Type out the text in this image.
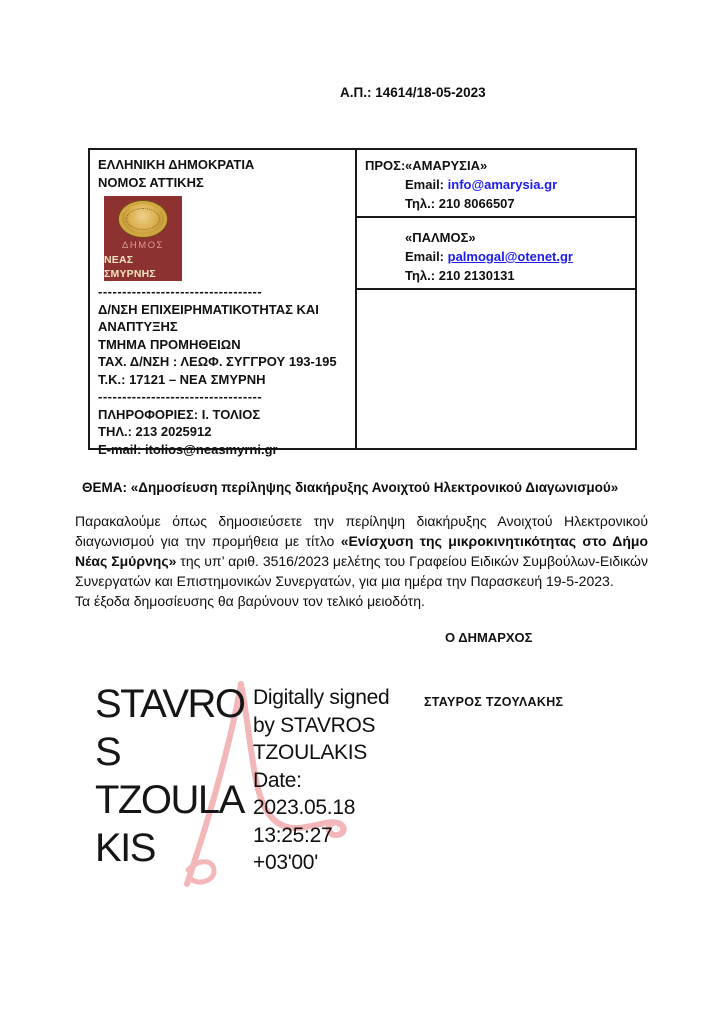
Α.Π.: 14614/18-05-2023
ΕΛΛΗΝΙΚΗ ΔΗΜΟΚΡΑΤΙΑ
ΝΟΜΟΣ ΑΤΤΙΚΗΣ
ΔΗΜΟΣ
ΝΕΑΣ ΣΜΥΡΝΗΣ
----------------------------------
Δ/ΝΣΗ ΕΠΙΧΕΙΡΗΜΑΤΙΚΟΤΗΤΑΣ ΚΑΙ ΑΝΑΠΤΥΞΗΣ
ΤΜΗΜΑ ΠΡΟΜΗΘΕΙΩΝ
ΤΑΧ. Δ/ΝΣΗ : ΛΕΩΦ. ΣΥΓΓΡΟΥ 193-195
Τ.Κ.: 17121 – ΝΕΑ ΣΜΥΡΝΗ
----------------------------------
ΠΛΗΡΟΦΟΡΙΕΣ: Ι. ΤΟΛΙΟΣ
ΤΗΛ.: 213 2025912
E-mail: itolios@neasmyrni.gr
ΠΡΟΣ: «ΑΜΑΡΥΣΙΑ»
Email: info@amarysia.gr
Τηλ.: 210 8066507
«ΠΑΛΜΟΣ»
Email: palmogal@otenet.gr
Τηλ.: 210 2130131
ΘΕΜΑ: «Δημοσίευση περίληψης διακήρυξης Ανοιχτού Ηλεκτρονικού Διαγωνισμού»
Παρακαλούμε όπως δημοσιεύσετε την περίληψη διακήρυξης Ανοιχτού Ηλεκτρονικού διαγωνισμού για την προμήθεια με τίτλο «Ενίσχυση της μικροκινητικότητας στο Δήμο Νέας Σμύρνης» της υπ’ αριθ. 3516/2023 μελέτης του Γραφείου Ειδικών Συμβούλων-Ειδικών Συνεργατών και Επιστημονικών Συνεργατών, για μια ημέρα την Παρασκευή 19-5-2023.
Τα έξοδα δημοσίευσης θα βαρύνουν τον τελικό μειοδότη.
Ο ΔΗΜΑΡΧΟΣ
®
STAVRO
S
TZOULA
KIS
Digitally signed
by STAVROS
TZOULAKIS
Date:
2023.05.18
13:25:27
+03'00'
ΣΤΑΥΡΟΣ ΤΖΟΥΛΑΚΗΣ
